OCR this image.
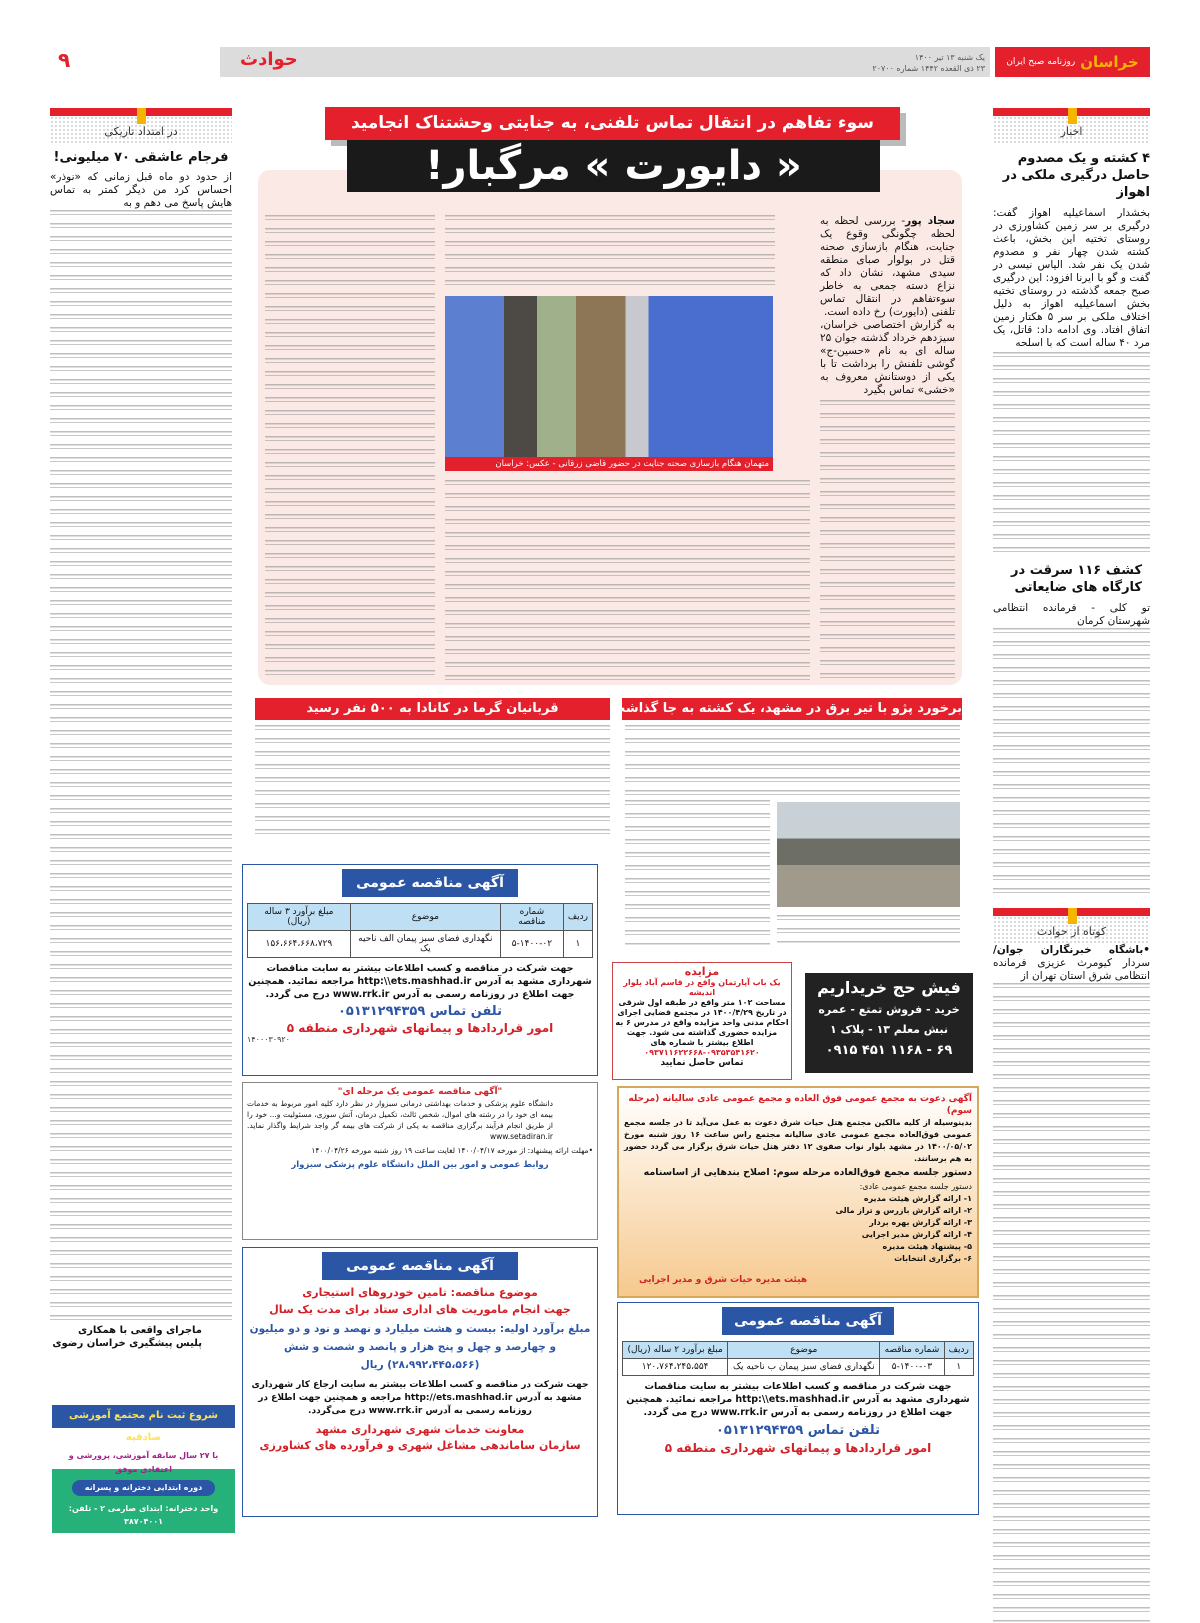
خراسان
روزنامه صبح ایران
یک شنبه ۱۳ تیر ۱۴۰۰
۲۳ ذی القعده ۱۴۴۲ شماره ۲۰۷۰۰
حوادث
۹
اخبار
۴ کشته و یک مصدوم حاصل درگیری ملکی در اهواز
بخشدار اسماعیلیه اهواز گفت: درگیری بر سر زمین کشاورزی در روستای تختیه این بخش، باعث کشته شدن چهار نفر و مصدوم شدن یک نفر شد. الیاس نیسی در گفت و گو با ایرنا افزود: این درگیری صبح جمعه گذشته در روستای تختیه بخش اسماعیلیه اهواز به دلیل اختلاف ملکی بر سر ۵ هکتار زمین اتفاق افتاد. وی ادامه داد: قاتل، یک مرد ۴۰ ساله است که با اسلحه
کشف ۱۱۶ سرقت در کارگاه های ضایعاتی
تو کلی - فرمانده انتظامی شهرستان کرمان
کوتاه از حوادث
•باشگاه خبرنگاران جوان/ سردار کیومرث عزیزی فرمانده انتظامی شرق استان تهران از
در امتداد تاریکی
فرجام عاشقی ۷۰ میلیونی!
از حدود دو ماه قبل زمانی که «نوذر» احساس کرد من دیگر کمتر به تماس هایش پاسخ می دهم و به
ماجرای واقعی با همکاری پلیس پیشگیری خراسان رضوی
شروع ثبت نام مجتمع آموزشی صادقیه
با ۲۷ سال سابقه آموزشی، پرورشی و اعتقادی موفق
دوره ابتدایی دخترانه و پسرانه
واحد دخترانه: ابتدای صارمی ۲ - تلفن: ۳۸۷۰۴۰۰۱
واحد پسرانه: پیروزی ۳۵ - شهید زوار ۴ - تلفن: ۳۸۸۳۴۰۵۰
سوء تفاهم در انتقال تماس تلفنی، به جنایتی وحشتناک انجامید
« دایورت » مرگبار!
سجاد پور- بررسی لحظه به لحظه چگونگی وقوع یک جنایت، هنگام بازسازی صحنه قتل در بولوار صبای منطقه سیدی مشهد، نشان داد که نزاع دسته جمعی به خاطر سوءتفاهم در انتقال تماس تلفنی (دایورت) رخ داده است.
به گزارش اختصاصی خراسان، سیزدهم خرداد گذشته جوان ۲۵ ساله ای به نام «حسین-ج» گوشی تلفنش را برداشت تا با یکی از دوستانش معروف به «خشی» تماس بگیرد
متهمان هنگام بازسازی صحنه جنایت در حضور قاضی زرقانی - عکس: خراسان
برخورد پژو با تیر برق در مشهد، یک کشته به جا گذاشت
قربانیان گرما در کانادا به ۵۰۰ نفر رسید
آگهی مناقصه عمومی
ردیف	شماره مناقصه	موضوع	مبلغ برآورد ۳ ساله (ریال)
۱	۵-۱۴۰۰-۰۲	نگهداری فضای سبز پیمان الف ناحیه یک	۱۵۶،۶۶۴،۶۶۸،۷۲۹
جهت شرکت در مناقصه و کسب اطلاعات بیشتر به سایت مناقصات شهرداری مشهد به آدرس http:\\ets.mashhad.ir مراجعه نمائید. همچنین جهت اطلاع در روزنامه رسمی به آدرس www.rrk.ir درج می گردد.
تلفن تماس ۰۵۱۳۱۲۹۴۳۵۹
امور قراردادها و پیمانهای شهرداری منطقه ۵
۱۴۰۰۰۳۰۹۲۰
مزایده
یک باب آپارتمان واقع در قاسم آباد بلوار اندیشه
مساحت ۱۰۲ متر واقع در طبقه اول شرقی در تاریخ ۱۴۰۰/۴/۲۹ در مجتمع قضایی اجرای احکام مدنی واحد مزایده واقع در مدرس ۶ به مزایده حضوری گذاشته می شود. جهت اطلاع بیشتر با شماره های
۰۹۳۷۱۱۶۲۲۶۶۸-۰۹۳۵۳۵۴۱۶۲۰
تماس حاصل نمایید
فیش حج خریداریم
خرید - فروش تمتع - عمره
نبش معلم ۱۳ - پلاک ۱
۰۹۱۵ ۴۵۱ ۱۱۶۸ - ۶۹
"آگهی مناقصه عمومی یک مرحله ای"
دانشگاه علوم پزشکی و خدمات بهداشتی درمانی سبزوار در نظر دارد کلیه امور مربوط به خدمات بیمه ای خود را در رشته های اموال، شخص ثالث، تکمیل درمان، آتش سوزی، مسئولیت و... خود را از طریق انجام فرآیند برگزاری مناقصه به یکی از شرکت های بیمه گر واجد شرایط واگذار نماید. www.setadiran.ir
•مهلت ارائه پیشنهاد: از مورخه ۱۴۰۰/۰۴/۱۷ لغایت ساعت ۱۹ روز شنبه مورخه ۱۴۰۰/۰۴/۲۶
روابط عمومی و امور بین الملل دانشگاه علوم پزشکی سبزوار
آگهی دعوت به مجمع عمومی فوق العاده و مجمع عمومی عادی سالیانه (مرحله سوم)
بدینوسیله از کلیه مالکین مجتمع هتل حیات شرق دعوت به عمل می‌آید تا در جلسه مجمع عمومی فوق‌العاده مجمع عمومی عادی سالیانه مجتمع راس ساعت ۱۶ روز شنبه مورخ ۱۴۰۰/۰۵/۰۲ در مشهد بلوار نواب صفوی ۱۲ دفتر هتل حیات شرق برگزار می گردد حضور به هم برسانند.
دستور جلسه مجمع فوق‌العاده مرحله سوم: اصلاح بندهایی از اساسنامه
دستور جلسه مجمع عمومی عادی:
۱- ارائه گزارش هیئت مدیره
۲- ارائه گزارش بازرس و تراز مالی
۳- ارائه گزارش بهره بردار
۴- ارائه گزارش مدیر اجرایی
۵- پیشنهاد هیئت مدیره
۶- برگزاری انتخابات
هیئت مدیره حیات شرق و مدیر اجرایی
آگهی مناقصه عمومی
موضوع مناقصه: تامین خودروهای استیجاری
جهت انجام ماموریت های اداری ستاد برای مدت یک سال
مبلغ برآورد اولیه: بیست و هشت میلیارد و نهصد و نود و دو میلیون و چهارصد و چهل و پنج هزار و پانصد و شصت و شش (۲۸،۹۹۲،۴۴۵،۵۶۶) ریال
جهت شرکت در مناقصه و کسب اطلاعات بیشتر به سایت ارجاع کار شهرداری مشهد به آدرس http://ets.mashhad.ir مراجعه و همچنین جهت اطلاع در روزنامه رسمی به آدرس www.rrk.ir درج می‌گردد.
معاونت خدمات شهری شهرداری مشهد
سازمان ساماندهی مشاغل شهری و فرآورده های کشاورزی
آگهی مناقصه عمومی
ردیف	شماره مناقصه	موضوع	مبلغ برآورد ۲ ساله (ریال)
۱	۵-۱۴۰۰-۰۳	نگهداری فضای سبز پیمان ب ناحیه یک	۱۲۰،۷۶۴،۲۴۵،۵۵۴
جهت شرکت در مناقصه و کسب اطلاعات بیشتر به سایت مناقصات شهرداری مشهد به آدرس http:\\ets.mashhad.ir مراجعه نمائید. همچنین جهت اطلاع در روزنامه رسمی به آدرس www.rrk.ir درج می گردد.
تلفن تماس ۰۵۱۳۱۲۹۴۳۵۹
امور قراردادها و پیمانهای شهرداری منطقه ۵
